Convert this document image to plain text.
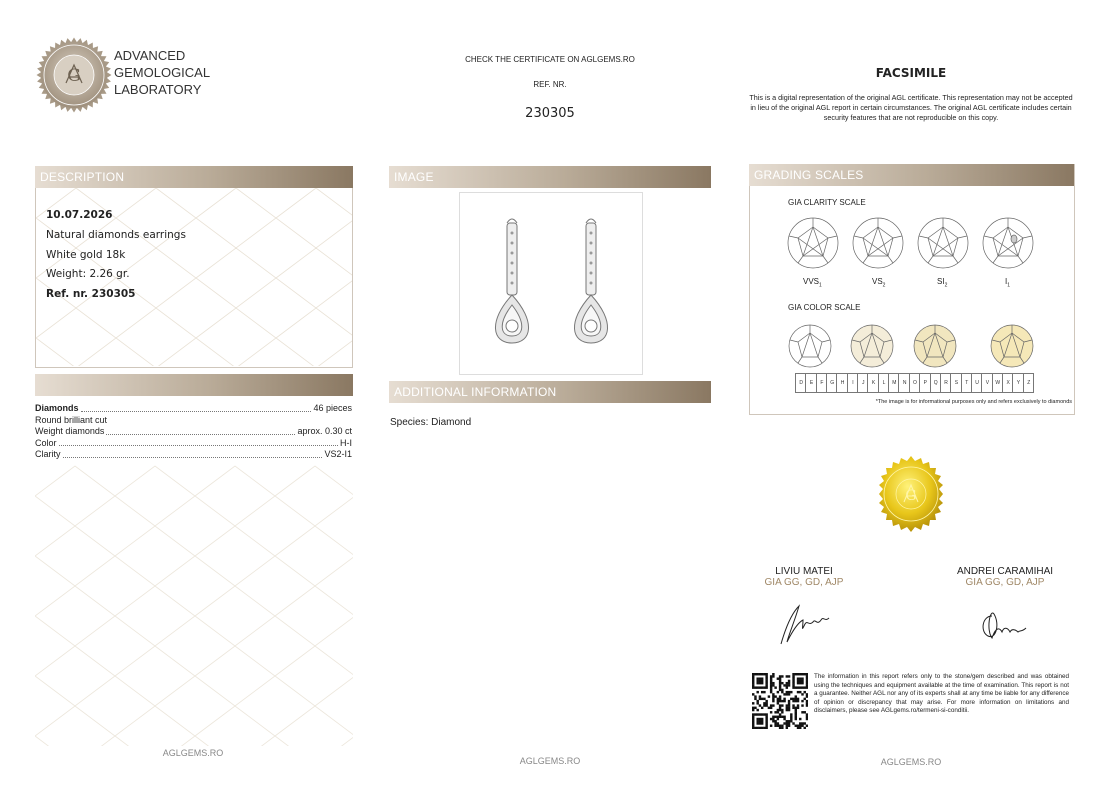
G
ADVANCED
GEMOLOGICAL
LABORATORY
CHECK THE CERTIFICATE ON AGLGEMS.RO
REF. NR.
230305
FACSIMILE
This is a digital representation of the original AGL certificate. This representation may not be accepted in lieu of the original AGL report in certain circumstances. The original AGL certificate includes certain security features that are not reproducible on this copy.
DESCRIPTION
10.07.2026
Natural diamonds earrings
White gold 18k
Weight: 2.26 gr.
Ref. nr. 230305
Diamonds	46 pieces
Round brilliant cut
Weight diamonds	aprox. 0.30 ct
Color	H-I
Clarity	VS2-I1
AGLGEMS.RO
IMAGE
ADDITIONAL INFORMATION
Species: Diamond
AGLGEMS.RO
GRADING SCALES
GIA CLARITY SCALE
$VVS_1$	$VS_2$	$SI_2$	$I_1$
GIA COLOR SCALE
D	E	F	G	H	I	J	K	L	M	N	O	P	Q	R	S	T	U	V	W	X	Y	Z
*The image is for informational purposes only and refers exclusively to diamonds
G
LIVIU MATEI
GIA GG, GD, AJP
ANDREI CARAMIHAI
GIA GG, GD, AJP
The information in this report refers only to the stone/gem described and was obtained using the techniques and equipment available at the time of examination. This report is not a guarantee. Neither AGL nor any of its experts shall at any time be liable for any difference of opinion or discrepancy that may arise. For more information on limitations and disclaimers, please see AGLgems.ro/termeni-si-conditii.
AGLGEMS.RO
